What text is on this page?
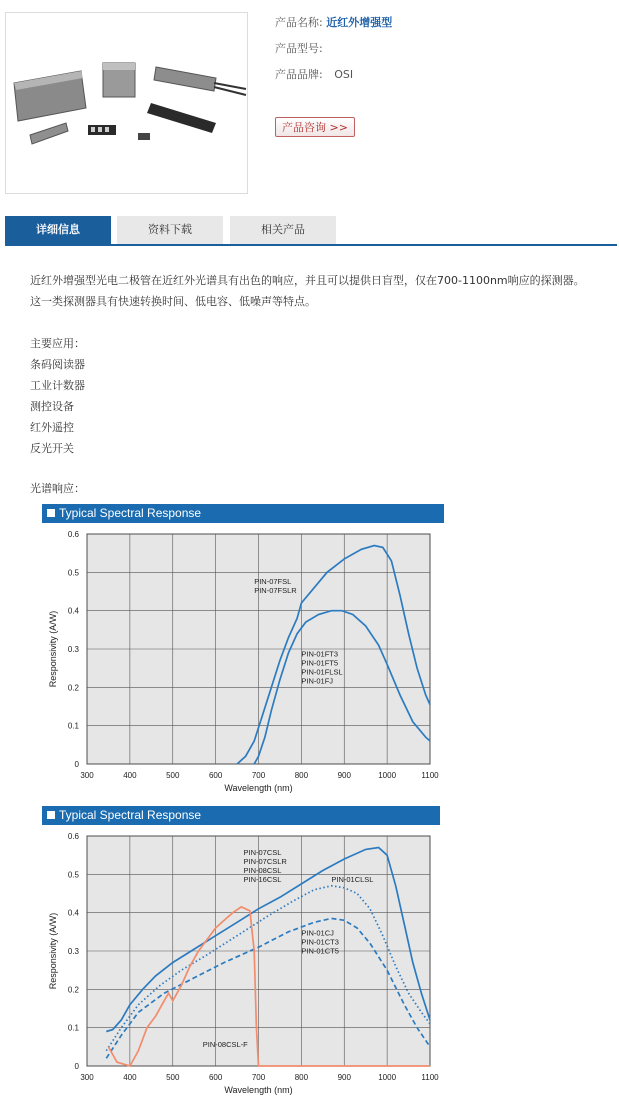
产品名称: 近红外增强型
产品型号:
产品品牌: OSI
产品咨询 >>
详细信息	资料下载	相关产品
近红外增强型光电二极管在近红外光谱具有出色的响应，并且可以提供日盲型，仅在700-1100nm响应的探测器。这一类探测器具有快速转换时间、低电容、低噪声等特点。
主要应用：
条码阅读器
工业计数器
测控设备
红外遥控
反光开关
光谱响应：
Typical Spectral Response
300	400	500	600	700	800	900	1000	1100
0
0.1
0.2
0.3
0.4
0.5
0.6
Wavelength (nm)
Responsivity (A/W)
PIN-07FSL
PIN-07FSLR
PIN-01FT3
PIN-01FT5
PIN-01FLSL
PIN-01FJ
Typical Spectral Response
300	400	500	600	700	800	900	1000	1100
0
0.1
0.2
0.3
0.4
0.5
0.6
Wavelength (nm)
Responsivity (A/W)
PIN-07CSL
PIN-07CSLR
PIN-08CSL
PIN-16CSL	PIN-01CLSL
PIN-01CJ
PIN-01CT3
PIN-01CT5
PIN-08CSL-F
